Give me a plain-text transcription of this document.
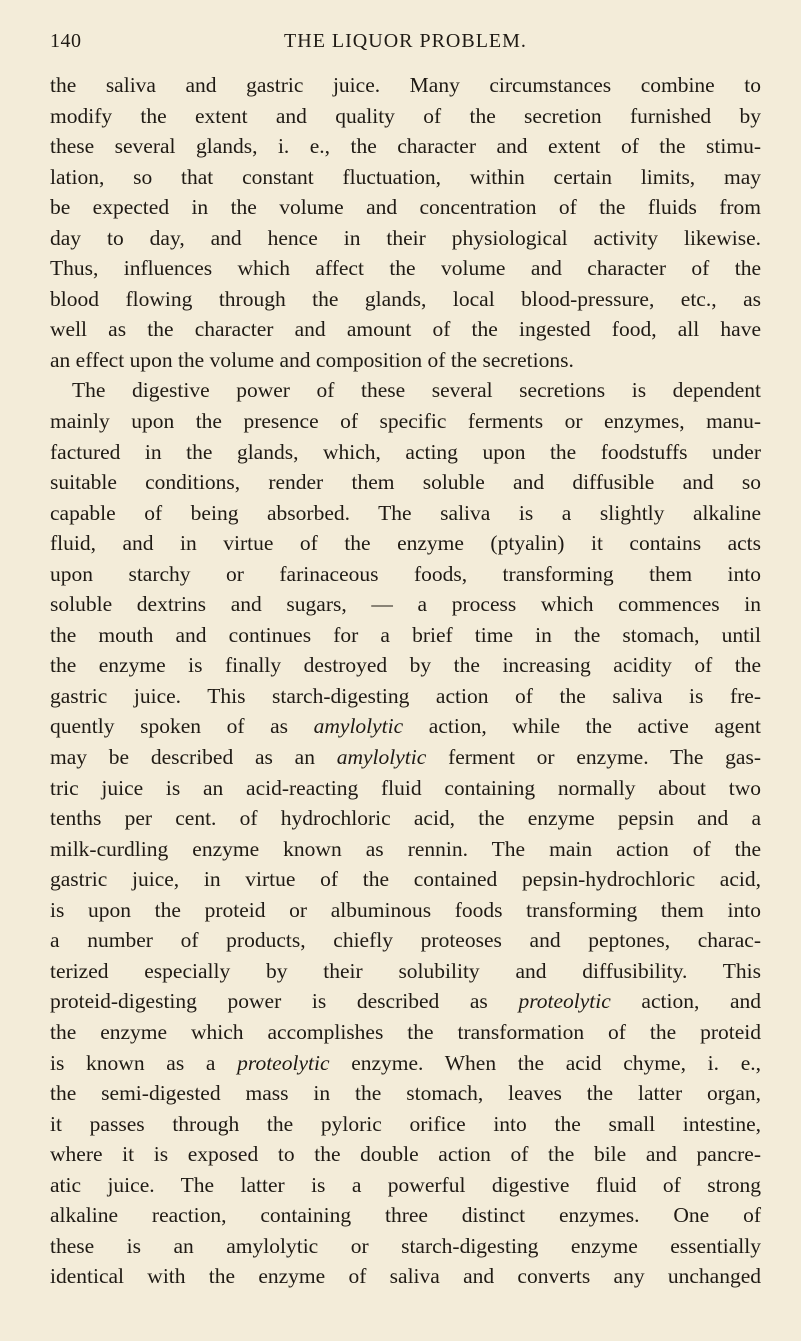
140	THE LIQUOR PROBLEM.
the saliva and gastric juice. Many circumstances combine to
modify the extent and quality of the secretion furnished by
these several glands, i. e., the character and extent of the stimu-
lation, so that constant fluctuation, within certain limits, may
be expected in the volume and concentration of the fluids from
day to day, and hence in their physiological activity likewise.
Thus, influences which affect the volume and character of the
blood flowing through the glands, local blood-pressure, etc., as
well as the character and amount of the ingested food, all have
an effect upon the volume and composition of the secretions.
The digestive power of these several secretions is dependent
mainly upon the presence of specific ferments or enzymes, manu-
factured in the glands, which, acting upon the foodstuffs under
suitable conditions, render them soluble and diffusible and so
capable of being absorbed. The saliva is a slightly alkaline
fluid, and in virtue of the enzyme (ptyalin) it contains acts
upon starchy or farinaceous foods, transforming them into
soluble dextrins and sugars, — a process which commences in
the mouth and continues for a brief time in the stomach, until
the enzyme is finally destroyed by the increasing acidity of the
gastric juice. This starch-digesting action of the saliva is fre-
quently spoken of as amylolytic action, while the active agent
may be described as an amylolytic ferment or enzyme. The gas-
tric juice is an acid-reacting fluid containing normally about two
tenths per cent. of hydrochloric acid, the enzyme pepsin and a
milk-curdling enzyme known as rennin. The main action of the
gastric juice, in virtue of the contained pepsin-hydrochloric acid,
is upon the proteid or albuminous foods transforming them into
a number of products, chiefly proteoses and peptones, charac-
terized especially by their solubility and diffusibility. This
proteid-digesting power is described as proteolytic action, and
the enzyme which accomplishes the transformation of the proteid
is known as a proteolytic enzyme. When the acid chyme, i. e.,
the semi-digested mass in the stomach, leaves the latter organ,
it passes through the pyloric orifice into the small intestine,
where it is exposed to the double action of the bile and pancre-
atic juice. The latter is a powerful digestive fluid of strong
alkaline reaction, containing three distinct enzymes. One of
these is an amylolytic or starch-digesting enzyme essentially
identical with the enzyme of saliva and converts any unchanged
